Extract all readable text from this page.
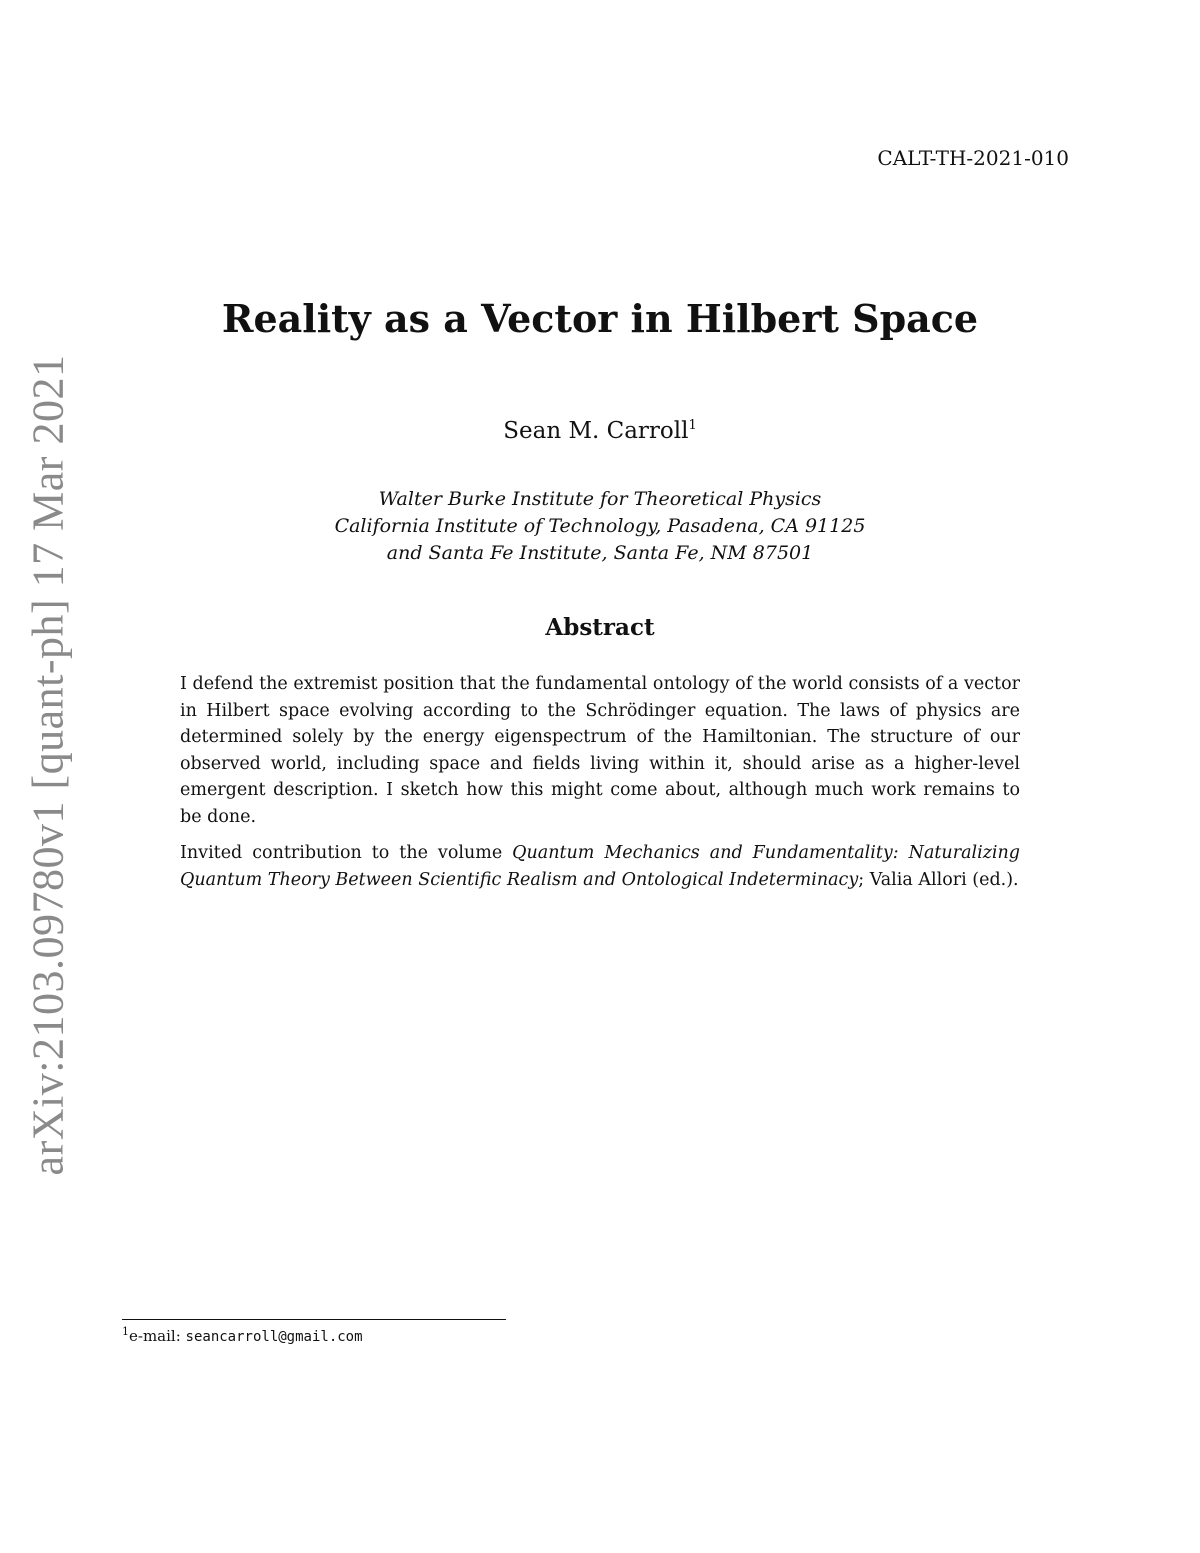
CALT-TH-2021-010
arXiv:2103.09780v1 [quant-ph] 17 Mar 2021
Reality as a Vector in Hilbert Space
Sean M. Carroll$^1$
Walter Burke Institute for Theoretical Physics
California Institute of Technology, Pasadena, CA 91125
and Santa Fe Institute, Santa Fe, NM 87501
Abstract

I defend the extremist position that the fundamental ontology of the world consists of a vector in Hilbert space evolving according to the Schrödinger equation. The laws of physics are determined solely by the energy eigenspectrum of the Hamiltonian. The structure of our observed world, including space and fields living within it, should arise as a higher-level emergent description. I sketch how this might come about, although much work remains to be done.

Invited contribution to the volume Quantum Mechanics and Fundamentality: Naturalizing Quantum Theory Between Scientific Realism and Ontological Indeterminacy; Valia Allori (ed.).

$^1$e-mail: seancarroll@gmail.com
